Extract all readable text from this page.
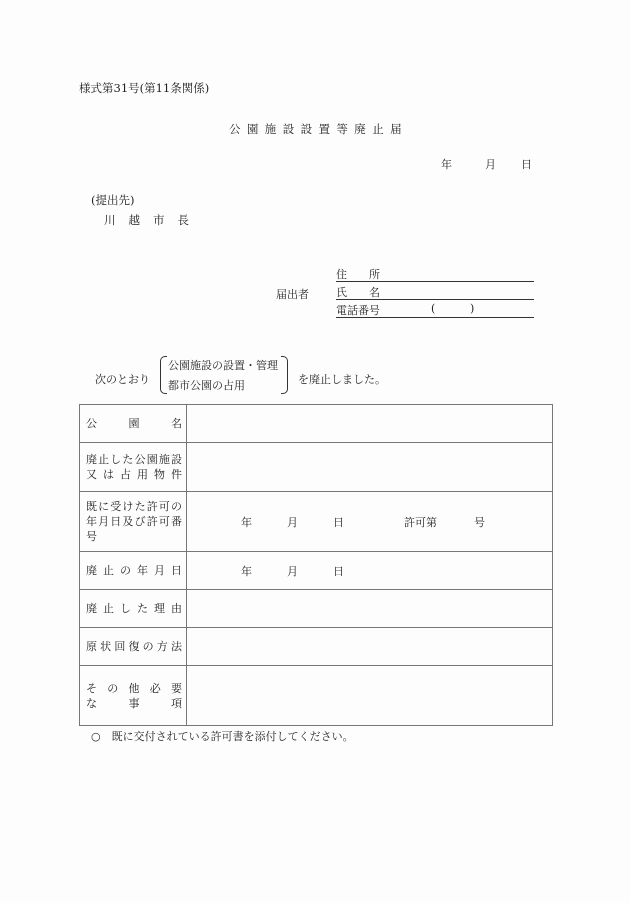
様式第31号(第11条関係)
公園施設設置等廃止届
年	月 日
(提出先)
川越市長
届出者
住　　所
氏　　名
電話番号	(	)
次のとおり
公園施設の設置・管理
都市公園の占用	を廃止しました。
公 園 名	

廃 止 し た 公 園 施 設
又 は 占 用 物 件

既 に 受 け た 許 可 の
年 月 日 及 び 許 可 番
号

年	月	日	許可第	号

廃 止 の 年 月 日	年	月	日

廃 止 し た 理 由

原 状 回 復 の 方 法

そ の 他 必 要
な	事	項

○　既に交付されている許可書を添付してください。
